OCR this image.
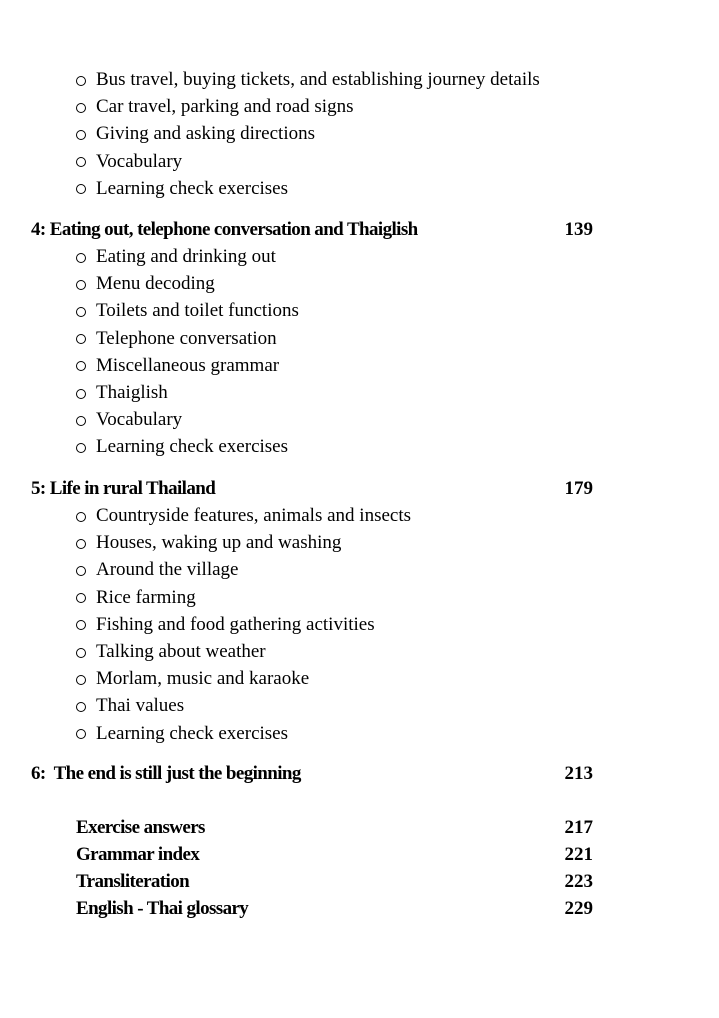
Bus travel, buying tickets, and establishing journey details
Car travel, parking and road signs
Giving and asking directions
Vocabulary
Learning check exercises
4: Eating out, telephone conversation and Thaiglish	139
Eating and drinking out
Menu decoding
Toilets and toilet functions
Telephone conversation
Miscellaneous grammar
Thaiglish
Vocabulary
Learning check exercises
5: Life in rural Thailand	179
Countryside features, animals and insects
Houses, waking up and washing
Around the village
Rice farming
Fishing and food gathering activities
Talking about weather
Morlam, music and karaoke
Thai values
Learning check exercises
6:  The end is still just the beginning	213
Exercise answers	217
Grammar index	221
Transliteration	223
English - Thai glossary	229
